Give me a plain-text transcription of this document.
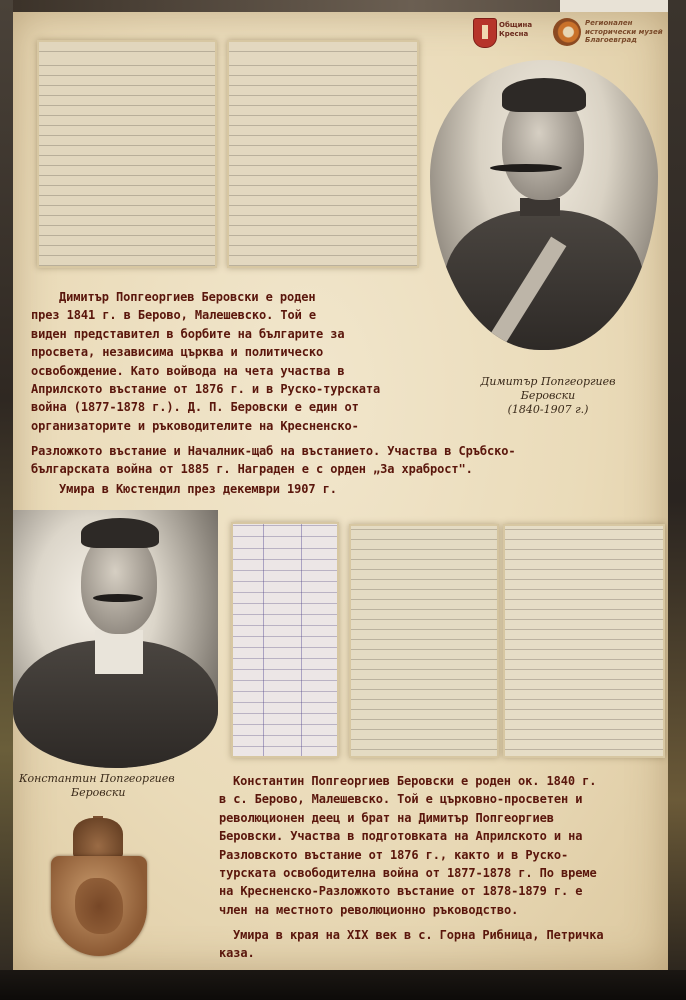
Община
Кресна
Регионален
исторически музей
Благоевград
Димитър Попгеоргиев
Беровски
(1840-1907 г.)

Димитър Попгеоргиев Беровски е роден

през 1841 г. в Берово, Малешевско. Той е

виден представител в борбите на българите за

просвета, независима църква и политическо

освобождение. Като войвода на чета участва в

Априлското въстание от 1876 г. и в Руско-турската

война (1877-1878 г.). Д. П. Беровски е един от

организаторите и ръководителите на Кресненско-

Разложкото въстание и Началник-щаб на въстанието. Участва в Сръбско-

българската война от 1885 г. Награден е с орден „За храброст".

Умира в Кюстендил през декември 1907 г.

Константин Попгеоргиев
Беровски

Константин Попгеоргиев Беровски е роден ок. 1840 г.

в с. Берово, Малешевско. Той е църковно-просветен и

революционен деец и брат на Димитър Попгеоргиев

Беровски. Участва в подготовката на Априлското и на

Разловското въстание от 1876 г., както и в Руско-

турската освободителна война от 1877-1878 г. По време

на Кресненско-Разложкото въстание от 1878-1879 г. е

член на местното революционно ръководство.

Умира в края на XIX век в с. Горна Рибница, Петричка

каза.
